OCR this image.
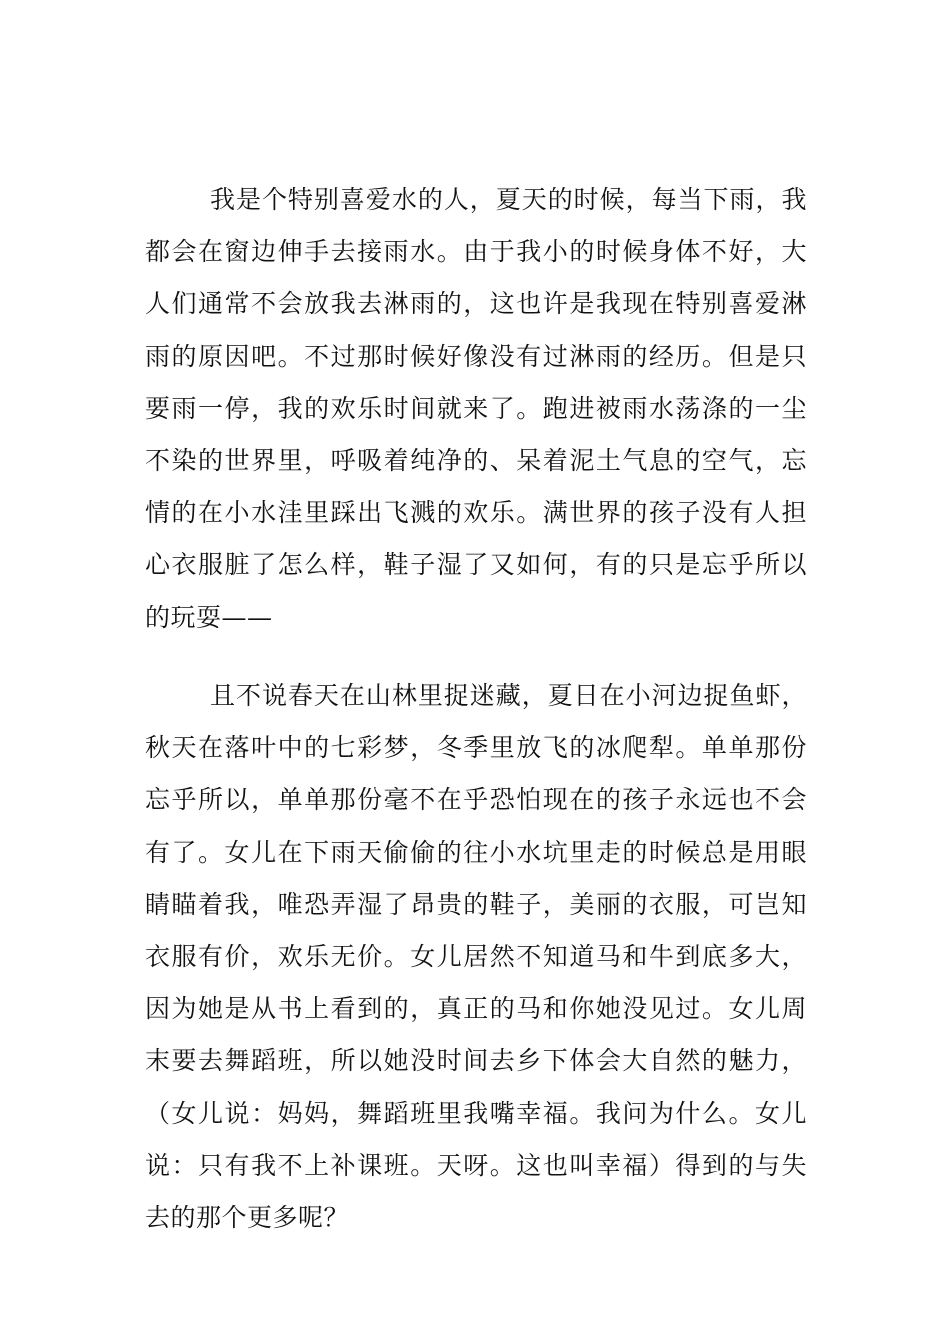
我是个特别喜爱水的人，夏天的时候，每当下雨，我都会在窗边伸手去接雨水。由于我小的时候身体不好，大人们通常不会放我去淋雨的，这也许是我现在特别喜爱淋雨的原因吧。不过那时候好像没有过淋雨的经历。但是只要雨一停，我的欢乐时间就来了。跑进被雨水荡涤的一尘不染的世界里，呼吸着纯净的、呆着泥土气息的空气，忘情的在小水洼里踩出飞溅的欢乐。满世界的孩子没有人担心衣服脏了怎么样，鞋子湿了又如何，有的只是忘乎所以的玩耍——

且不说春天在山林里捉迷藏，夏日在小河边捉鱼虾，秋天在落叶中的七彩梦，冬季里放飞的冰爬犁。单单那份忘乎所以，单单那份毫不在乎恐怕现在的孩子永远也不会有了。女儿在下雨天偷偷的往小水坑里走的时候总是用眼睛瞄着我，唯恐弄湿了昂贵的鞋子，美丽的衣服，可岂知衣服有价，欢乐无价。女儿居然不知道马和牛到底多大，因为她是从书上看到的，真正的马和你她没见过。女儿周末要去舞蹈班，所以她没时间去乡下体会大自然的魅力，（女儿说：妈妈，舞蹈班里我嘴幸福。我问为什么。女儿说：只有我不上补课班。天呀。这也叫幸福）得到的与失去的那个更多呢？
